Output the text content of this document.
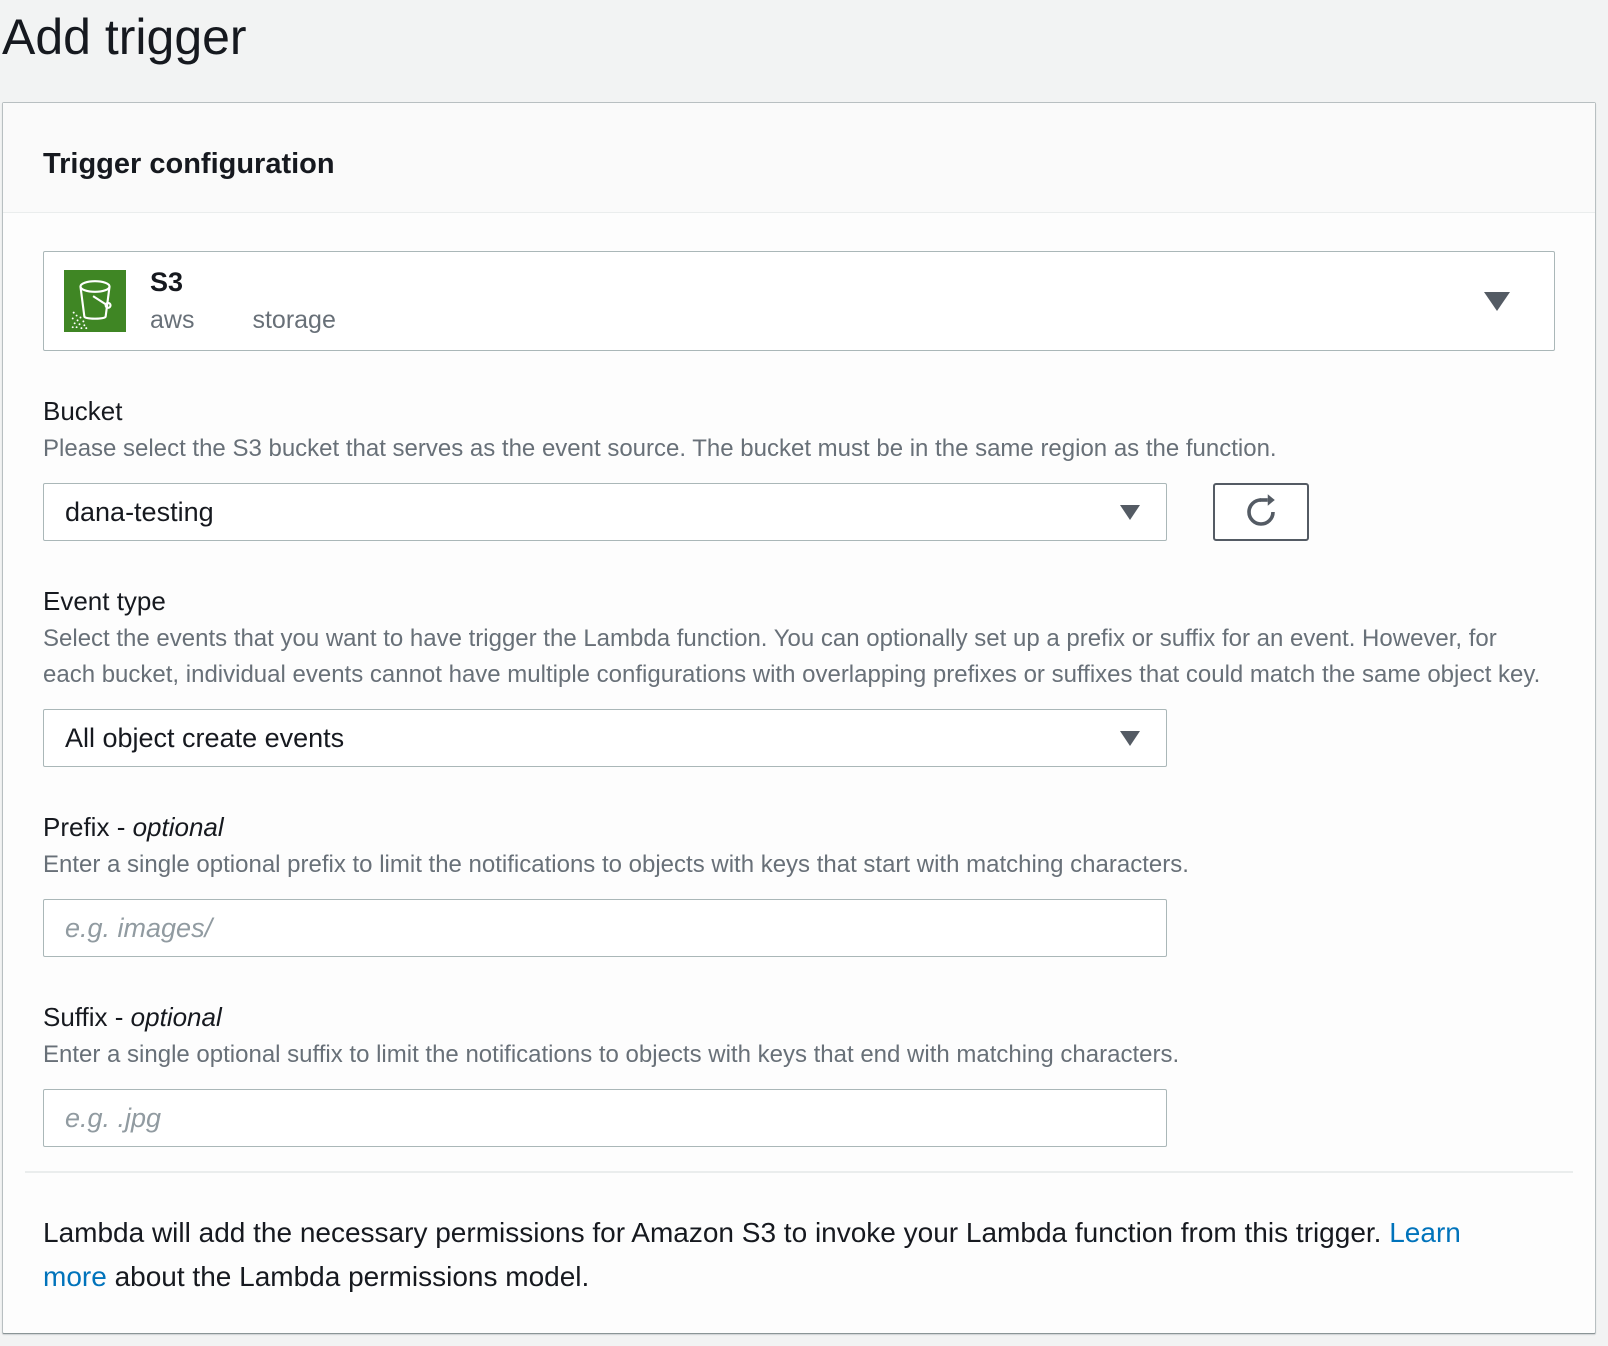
Add trigger
Trigger configuration
S3
aws storage
Bucket
Please select the S3 bucket that serves as the event source. The bucket must be in the same region as the function.
dana-testing
Event type
Select the events that you want to have trigger the Lambda function. You can optionally set up a prefix or suffix for an event. However, for each bucket, individual events cannot have multiple configurations with overlapping prefixes or suffixes that could match the same object key.
All object create events
Prefix - optional
Enter a single optional prefix to limit the notifications to objects with keys that start with matching characters.
e.g. images/
Suffix - optional
Enter a single optional suffix to limit the notifications to objects with keys that end with matching characters.
e.g. .jpg

Lambda will add the necessary permissions for Amazon S3 to invoke your Lambda function from this trigger. Learn more about the Lambda permissions model.
